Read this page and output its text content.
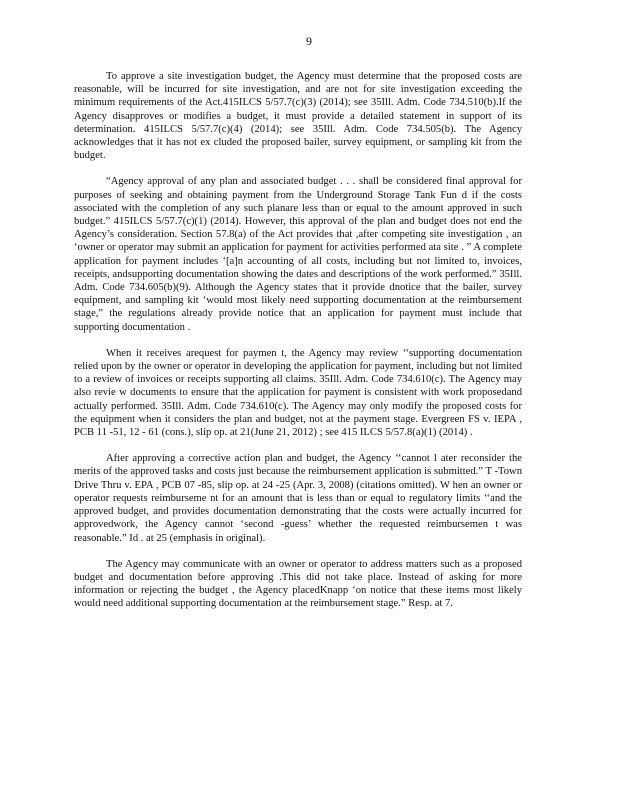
9

To approve a site investigation budget, the Agency must determine that the proposed costs are reasonable, will be incurred for site investigation, and are not for site investigation exceeding the minimum requirements of the Act.415ILCS 5/57.7(c)(3) (2014); see 35Ill. Adm. Code 734.510(b).If the Agency disapproves or modifies a budget, it must provide a detailed statement in support of its determination. 415ILCS 5/57.7(c)(4) (2014); see 35Ill. Adm. Code 734.505(b). The Agency acknowledges that it has not ex cluded the proposed bailer, survey equipment, or sampling kit from the budget.

“Agency approval of any plan and associated budget . . . shall be considered final approval for purposes of seeking and obtaining payment from the Underground Storage Tank Fun d if the costs associated with the completion of any such planare less than or equal to the amount approved in such budget.” 415ILCS 5/57.7(c)(1) (2014). However, this approval of the plan and budget does not end the Agency’s consideration. Section 57.8(a) of the Act provides that ,after competing site investigation , an ‘owner or operator may submit an application for payment for activities performed ata site . ” A complete application for payment includes ‘[a]n accounting of all costs, including but not limited to, invoices, receipts, andsupporting documentation showing the dates and descriptions of the work performed.” 35Ill. Adm. Code 734.605(b)(9). Although the Agency states that it provide dnotice that the bailer, survey equipment, and sampling kit ‘would most likely need supporting documentation at the reimbursement stage,” the regulations already provide notice that an application for payment must include that supporting documentation .

When it receives arequest for paymen t, the Agency may review ‘‘supporting documentation relied upon by the owner or operator in developing the application for payment, including but not limited to a review of invoices or receipts supporting all claims. 35Ill. Adm. Code 734.610(c). The Agency may also revie w documents to ensure that the application for payment is consistent with work proposedand actually performed. 35Ill. Adm. Code 734.610(c). The Agency may only modify the proposed costs for the equipment when it considers the plan and budget, not at the payment stage. Evergreen FS v. IEPA , PCB 11 -51, 12 - 61 (cons.), slip op. at 21(June 21, 2012) ; see 415 ILCS 5/57.8(a)(1) (2014) .

After approving a corrective action plan and budget, the Agency ‘‘cannot l ater reconsider the merits of the approved tasks and costs just because the reimbursement application is submitted.” T -Town Drive Thru v. EPA , PCB 07 -85, slip op. at 24 -25 (Apr. 3, 2008) (citations omitted). W hen an owner or operator requests reimburseme nt for an amount that is less than or equal to regulatory limits ‘‘and the approved budget, and provides documentation demonstrating that the costs were actually incurred for approvedwork, the Agency cannot ‘second -guess’ whether the requested reimbursemen t was reasonable.” Id . at 25 (emphasis in original).

The Agency may communicate with an owner or operator to address matters such as a proposed budget and documentation before approving .This did not take place. Instead of asking for more information or rejecting the budget , the Agency placedKnapp ‘on notice that these items most likely would need additional supporting documentation at the reimbursement stage.” Resp. at 7.
